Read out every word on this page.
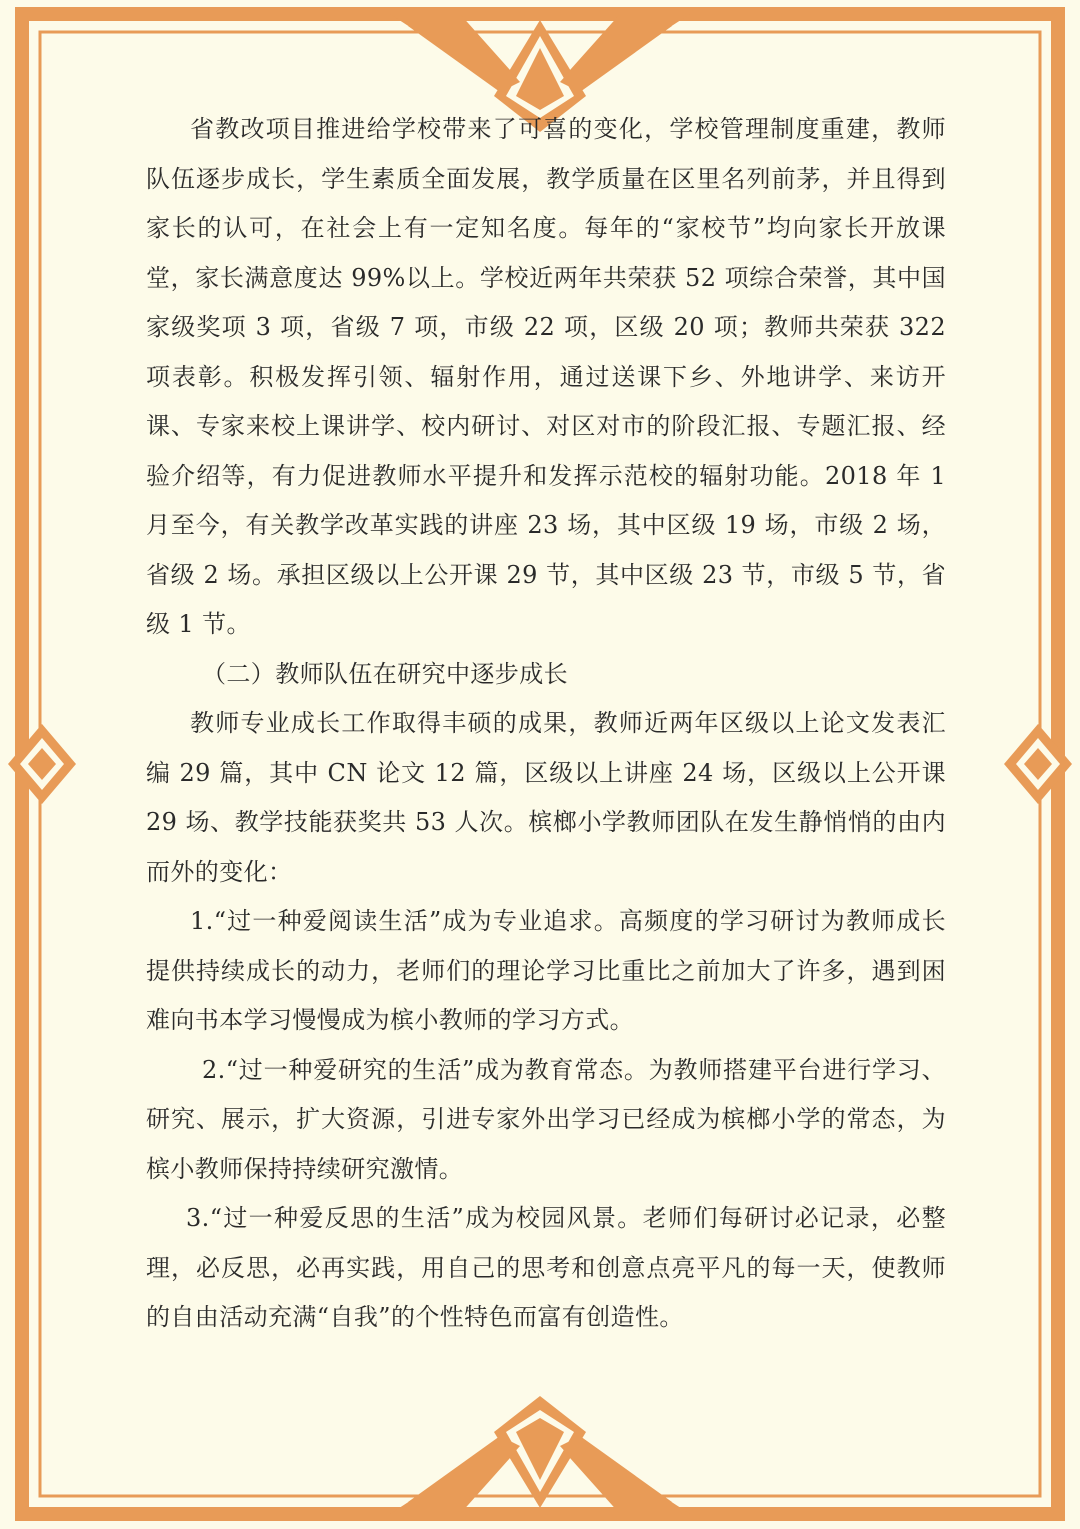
省教改项目推进给学校带来了可喜的变化，学校管理制度重建，教师队伍逐步成长，学生素质全面发展，教学质量在区里名列前茅，并且得到家长的认可，在社会上有一定知名度。每年的“家校节”均向家长开放课堂，家长满意度达 99%以上。学校近两年共荣获 52 项综合荣誉，其中国家级奖项 3 项，省级 7 项，市级 22 项，区级 20 项；教师共荣获 322 项表彰。积极发挥引领、辐射作用，通过送课下乡、外地讲学、来访开课、专家来校上课讲学、校内研讨、对区对市的阶段汇报、专题汇报、经验介绍等，有力促进教师水平提升和发挥示范校的辐射功能。2018 年 1 月至今，有关教学改革实践的讲座 23 场，其中区级 19 场，市级 2 场，省级 2 场。承担区级以上公开课 29 节，其中区级 23 节，市级 5 节，省级 1 节。

（二）教师队伍在研究中逐步成长

教师专业成长工作取得丰硕的成果，教师近两年区级以上论文发表汇编 29 篇，其中 CN 论文 12 篇，区级以上讲座 24 场，区级以上公开课 29 场、教学技能获奖共 53 人次。槟榔小学教师团队在发生静悄悄的由内而外的变化：

1.“过一种爱阅读生活”成为专业追求。高频度的学习研讨为教师成长提供持续成长的动力，老师们的理论学习比重比之前加大了许多，遇到困难向书本学习慢慢成为槟小教师的学习方式。

2.“过一种爱研究的生活”成为教育常态。为教师搭建平台进行学习、研究、展示，扩大资源，引进专家外出学习已经成为槟榔小学的常态，为槟小教师保持持续研究激情。

3.“过一种爱反思的生活”成为校园风景。老师们每研讨必记录，必整理，必反思，必再实践，用自己的思考和创意点亮平凡的每一天，使教师的自由活动充满“自我”的个性特色而富有创造性。
